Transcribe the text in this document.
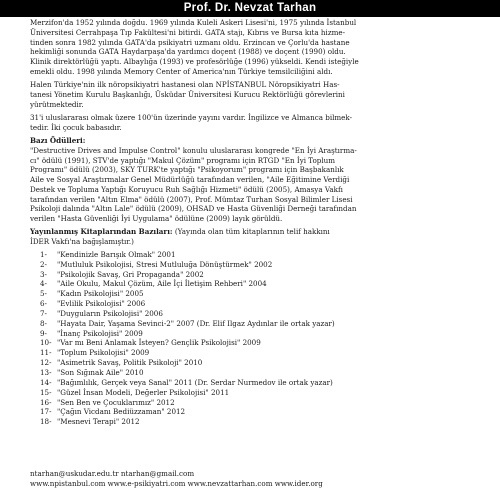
Prof. Dr. Nevzat Tarhan

Merzifon'da 1952 yılında doğdu. 1969 yılında Kuleli Askeri Lisesi'ni, 1975 yılında İstanbul
Üniversitesi Cerrahpaşa Tıp Fakültesi'ni bitirdi. GATA stajı, Kıbrıs ve Bursa kıta hizme-
tinden sonra 1982 yılında GATA'da psikiyatri uzmanı oldu. Erzincan ve Çorlu'da hastane
hekimliği sonunda GATA Haydarpaşa'da yardımcı doçent (1988) ve doçent (1990) oldu.
Klinik direktörlüğü yaptı. Albaylığa (1993) ve profesörlüğe (1996) yükseldi. Kendi isteğiyle
emekli oldu. 1998 yılında Memory Center of America'nın Türkiye temsilciliğini aldı.

Halen Türkiye'nin ilk nöropsikiyatri hastanesi olan NPİSTANBUL Nöropsikiyatri Has-
tanesi Yönetim Kurulu Başkanlığı, Üsküdar Üniversitesi Kurucu Rektörlüğü görevlerini
yürütmektedir.

31'i uluslararası olmak üzere 100'ün üzerinde yayını vardır. İngilizce ve Almanca bilmek-
tedir. İki çocuk babasıdır.

Bazı Ödülleri:
"Destructive Drives and Impulse Control" konulu uluslararası kongrede "En İyi Araştırma-
cı" ödülü (1991), STV'de yaptığı "Makul Çözüm" programı için RTGD "En İyi Toplum
Programı" ödülü (2003), SKY TURK'te yaptığı "Psikoyorum" programı için Başbakanlık
Aile ve Sosyal Araştırmalar Genel Müdürlüğü tarafından verilen, "Aile Eğitimine Verdiği
Destek ve Topluma Yaptığı Koruyucu Ruh Sağlığı Hizmeti" ödülü (2005), Amasya Vakfı
tarafından verilen "Altın Elma" ödülü (2007), Prof. Mümtaz Turhan Sosyal Bilimler Lisesi
Psikoloji dalında "Altın Lale" ödülü (2009), OHSAD ve Hasta Güvenliği Derneği tarafından
verilen "Hasta Güvenliği İyi Uygulama" ödülüne (2009) layık görüldü.
Yayınlanmış Kitaplarından Bazıları: (Yayında olan tüm kitaplarının telif hakkını
İDER Vakfı'na bağışlamıştır.)
1- "Kendinizle Barışık Olmak" 2001
2- "Mutluluk Psikolojisi, Stresi Mutluluğa Dönüştürmek" 2002
3- "Psikolojik Savaş, Gri Propaganda" 2002
4- "Aile Okulu, Makul Çözüm, Aile İçi İletişim Rehberi" 2004
5- "Kadın Psikolojisi" 2005
6- "Evlilik Psikolojisi" 2006
7- "Duyguların Psikolojisi" 2006
8- "Hayata Dair, Yaşama Sevinci-2" 2007 (Dr. Elif Ilgaz Aydınlar ile ortak yazar)
9- "İnanç Psikolojisi" 2009
10- "Var mı Beni Anlamak İsteyen? Gençlik Psikolojisi" 2009
11- "Toplum Psikolojisi" 2009
12- "Asimetrik Savaş, Politik Psikoloji" 2010
13- "Son Sığınak Aile" 2010
14- "Bağımlılık, Gerçek veya Sanal" 2011 (Dr. Serdar Nurmedov ile ortak yazar)
15- "Güzel İnsan Modeli, Değerler Psikolojisi" 2011
16- "Sen Ben ve Çocuklarımız" 2012
17- "Çağın Vicdanı Bediüzzaman" 2012
18- "Mesnevi Terapi" 2012
ntarhan@uskudar.edu.tr ntarhan@gmail.com
www.npistanbul.com www.e-psikiyatri.com www.nevzattarhan.com www.ider.org
